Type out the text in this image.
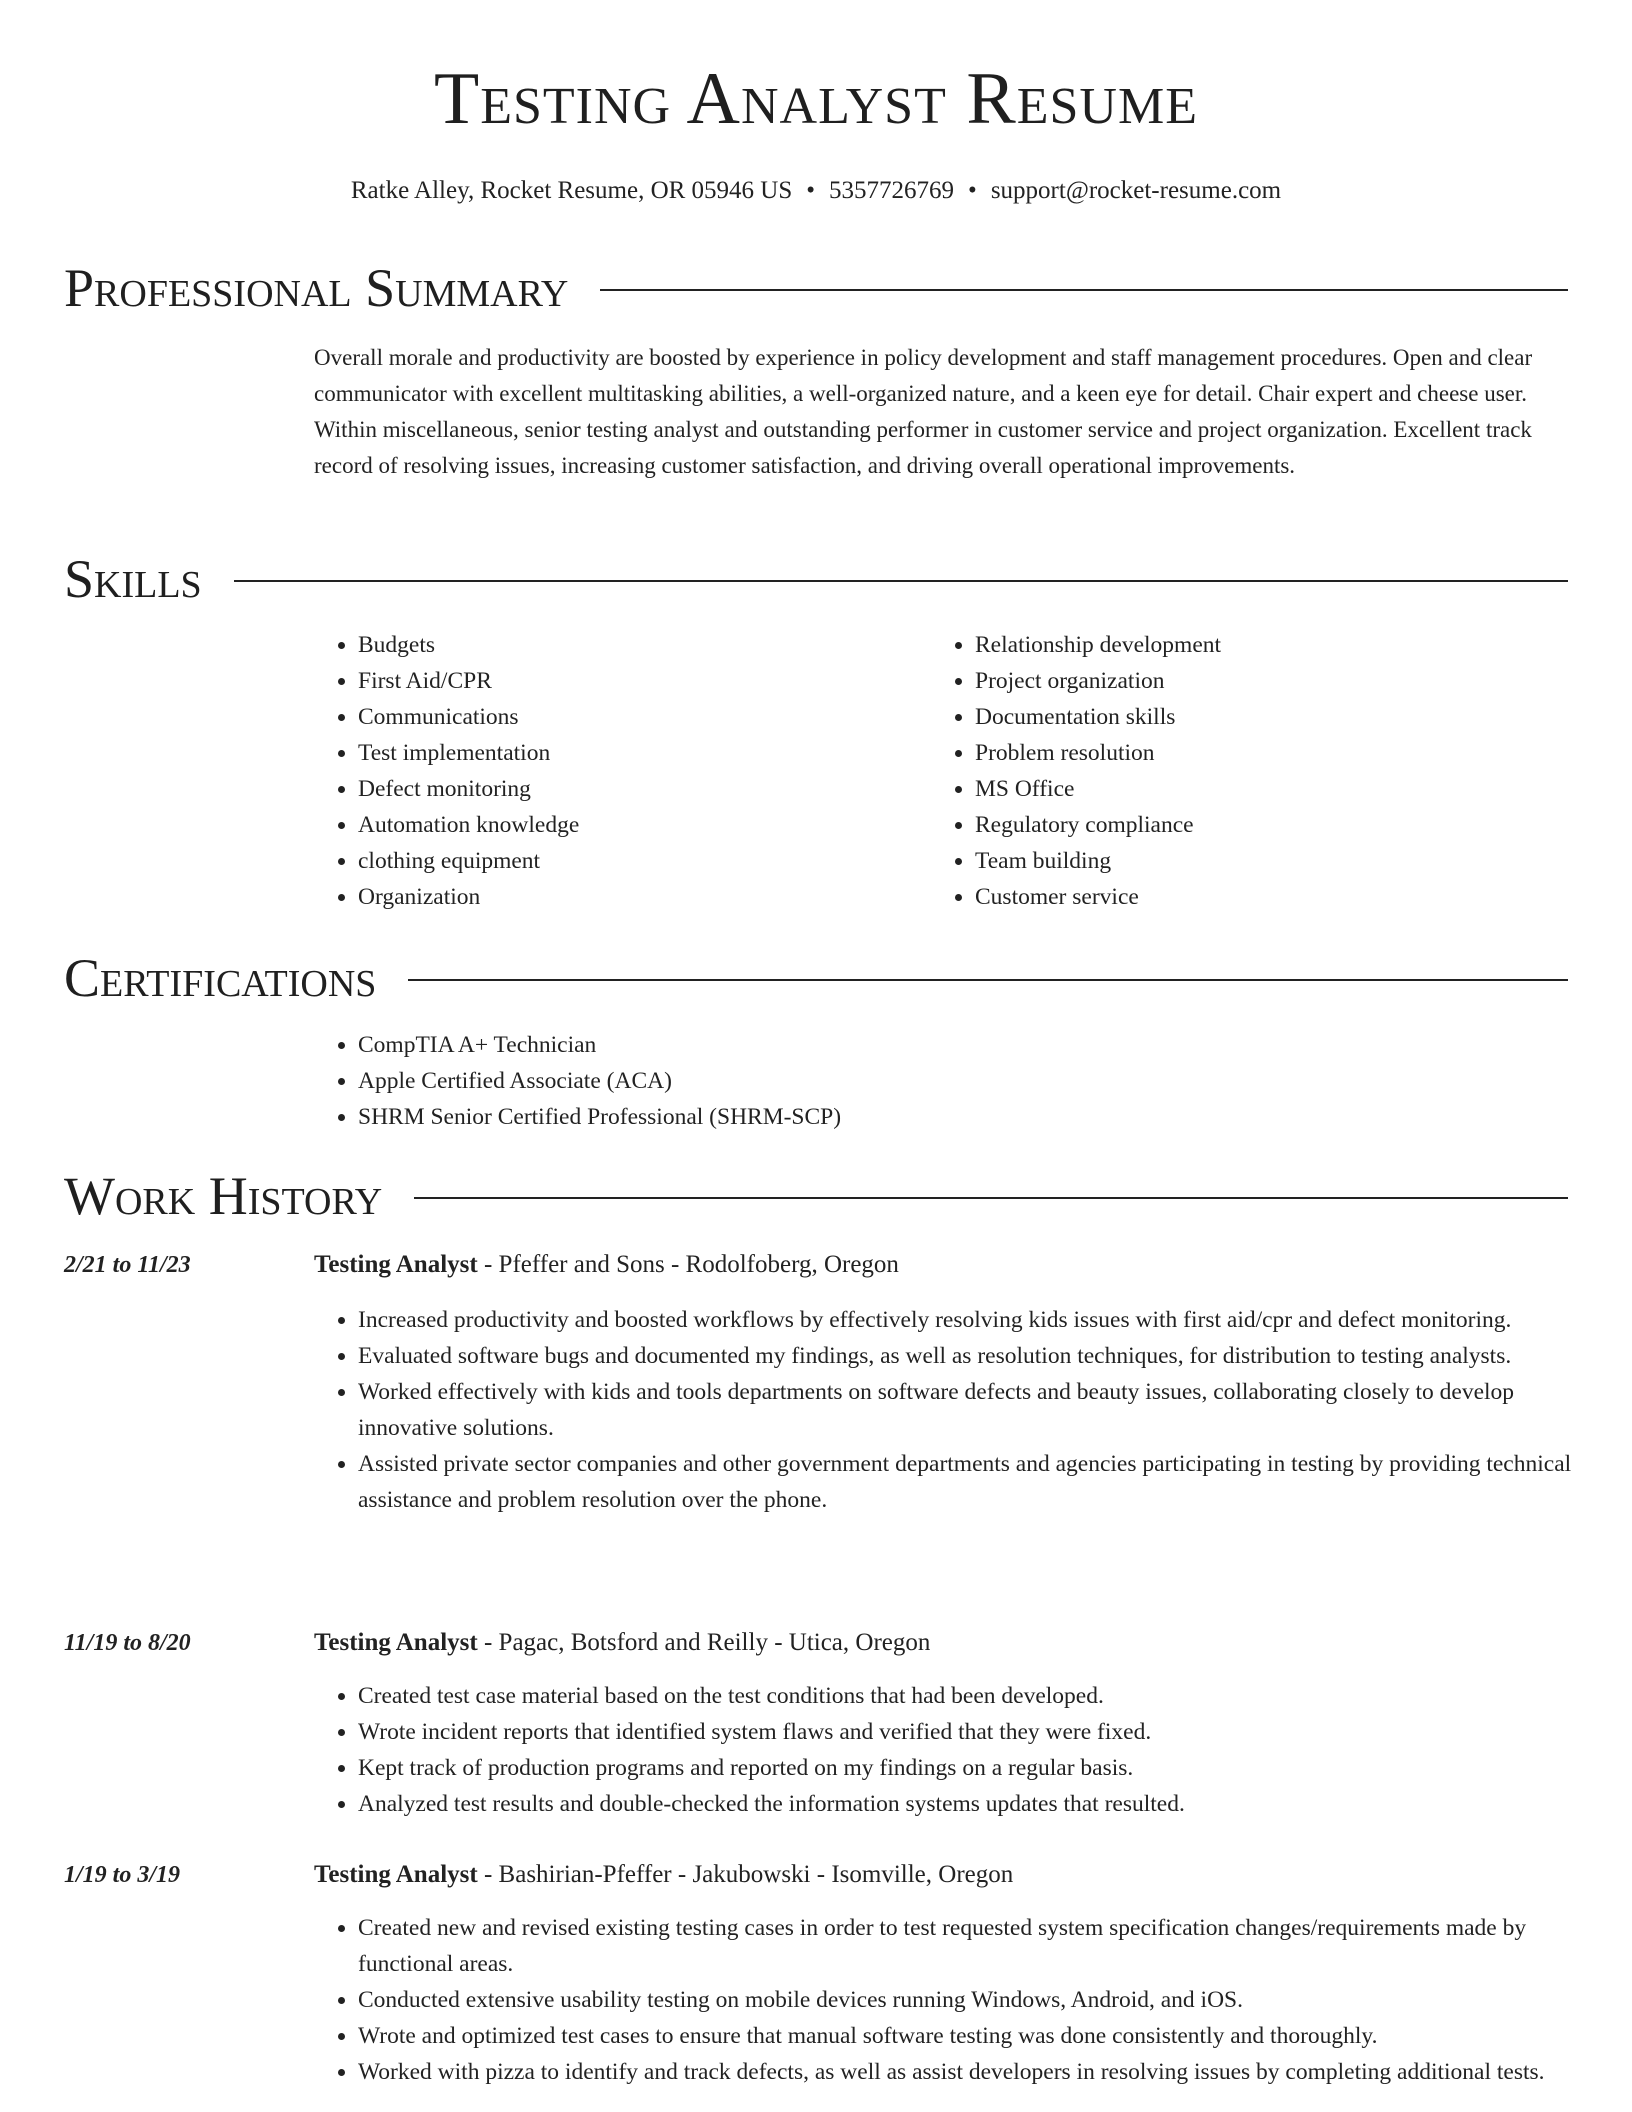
Testing Analyst Resume
Ratke Alley, Rocket Resume, OR 05946 US • 5357726769 • support@rocket-resume.com
Professional Summary
Overall morale and productivity are boosted by experience in policy development and staff management procedures. Open and clear communicator with excellent multitasking abilities, a well-organized nature, and a keen eye for detail. Chair expert and cheese user. Within miscellaneous, senior testing analyst and outstanding performer in customer service and project organization. Excellent track record of resolving issues, increasing customer satisfaction, and driving overall operational improvements.
Skills
• Budgets
• First Aid/CPR
• Communications
• Test implementation
• Defect monitoring
• Automation knowledge
• clothing equipment
• Organization
• Relationship development
• Project organization
• Documentation skills
• Problem resolution
• MS Office
• Regulatory compliance
• Team building
• Customer service
Certifications
• CompTIA A+ Technician
• Apple Certified Associate (ACA)
• SHRM Senior Certified Professional (SHRM-SCP)
Work History
2/21 to 11/23	Testing Analyst - Pfeffer and Sons - Rodolfoberg, Oregon
• Increased productivity and boosted workflows by effectively resolving kids issues with first aid/cpr and defect monitoring.
• Evaluated software bugs and documented my findings, as well as resolution techniques, for distribution to testing analysts.
• Worked effectively with kids and tools departments on software defects and beauty issues, collaborating closely to develop innovative solutions.
• Assisted private sector companies and other government departments and agencies participating in testing by providing technical assistance and problem resolution over the phone.
11/19 to 8/20	Testing Analyst - Pagac, Botsford and Reilly - Utica, Oregon
• Created test case material based on the test conditions that had been developed.
• Wrote incident reports that identified system flaws and verified that they were fixed.
• Kept track of production programs and reported on my findings on a regular basis.
• Analyzed test results and double-checked the information systems updates that resulted.
1/19 to 3/19	Testing Analyst - Bashirian-Pfeffer - Jakubowski - Isomville, Oregon
• Created new and revised existing testing cases in order to test requested system specification changes/requirements made by functional areas.
• Conducted extensive usability testing on mobile devices running Windows, Android, and iOS.
• Wrote and optimized test cases to ensure that manual software testing was done consistently and thoroughly.
• Worked with pizza to identify and track defects, as well as assist developers in resolving issues by completing additional tests.
